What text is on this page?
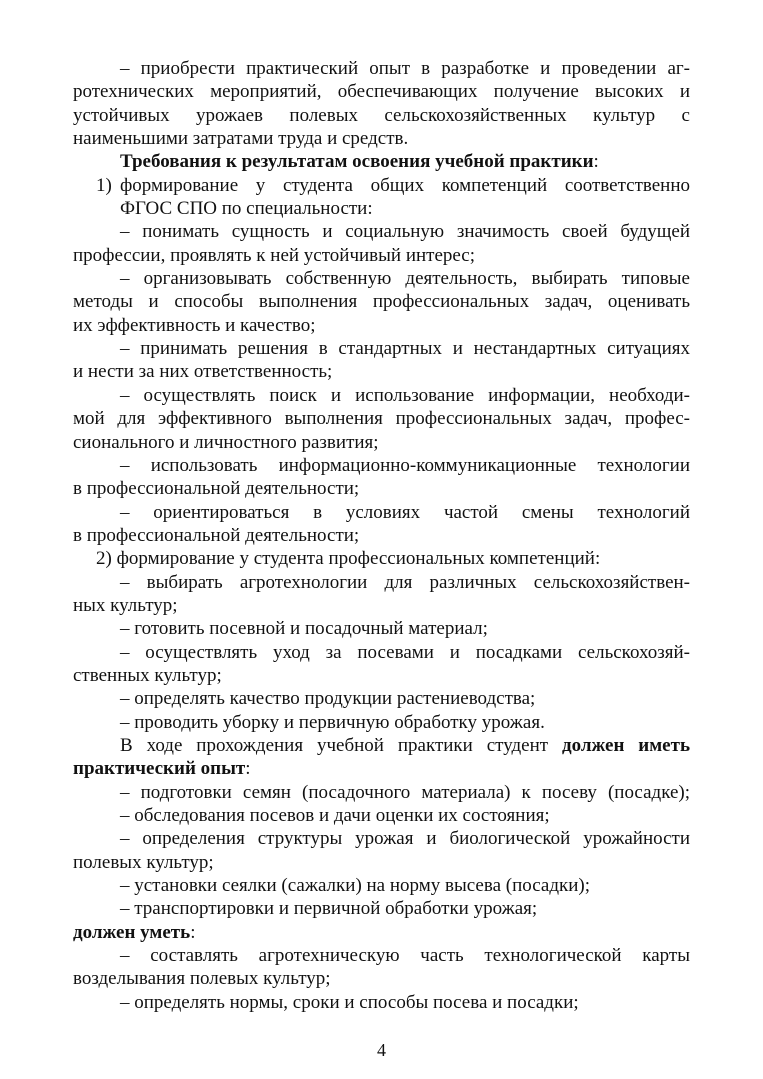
– приобрести практический опыт в разработке и проведении аг-
ротехнических мероприятий, обеспечивающих получение высоких и
устойчивых урожаев полевых сельскохозяйственных культур с
наименьшими затратами труда и средств.
Требования к результатам освоения учебной практики:
1) формирование у студента общих компетенций соответственно
ФГОС СПО по специальности:
– понимать сущность и социальную значимость своей будущей
профессии, проявлять к ней устойчивый интерес;
– организовывать собственную деятельность, выбирать типовые
методы и способы выполнения профессиональных задач, оценивать
их эффективность и качество;
– принимать решения в стандартных и нестандартных ситуациях
и нести за них ответственность;
– осуществлять поиск и использование информации, необходи-
мой для эффективного выполнения профессиональных задач, профес-
сионального и личностного развития;
– использовать информационно-коммуникационные технологии
в профессиональной деятельности;
– ориентироваться в условиях частой смены технологий
в профессиональной деятельности;
2) формирование у студента профессиональных компетенций:
– выбирать агротехнологии для различных сельскохозяйствен-
ных культур;
– готовить посевной и посадочный материал;
– осуществлять уход за посевами и посадками сельскохозяй-
ственных культур;
– определять качество продукции растениеводства;
– проводить уборку и первичную обработку урожая.
В ходе прохождения учебной практики студент должен иметь
практический опыт:
– подготовки семян (посадочного материала) к посеву (посадке);
– обследования посевов и дачи оценки их состояния;
– определения структуры урожая и биологической урожайности
полевых культур;
– установки сеялки (сажалки) на норму высева (посадки);
– транспортировки и первичной обработки урожая;
должен уметь:
– составлять агротехническую часть технологической карты
возделывания полевых культур;
– определять нормы, сроки и способы посева и посадки;
4
